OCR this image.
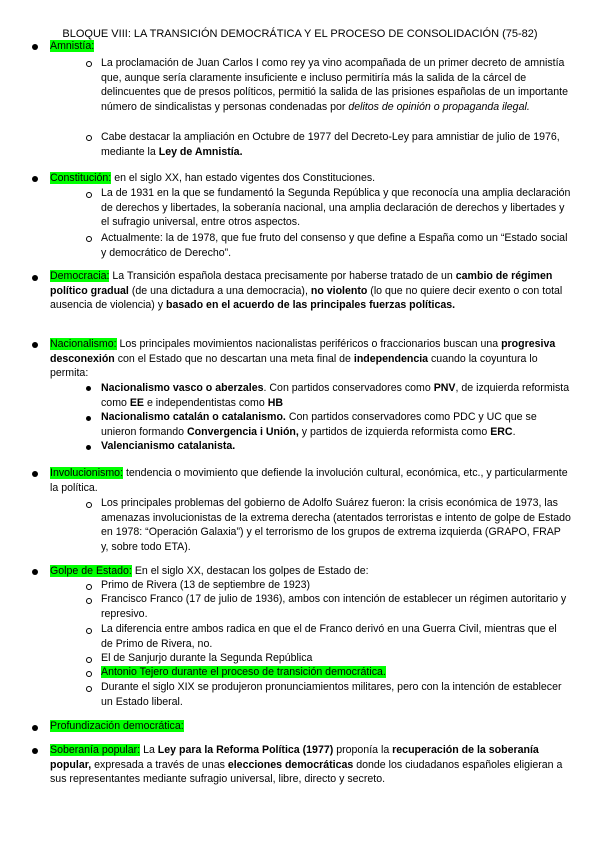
BLOQUE VIII: LA TRANSICIÓN DEMOCRÁTICA Y EL PROCESO DE CONSOLIDACIÓN (75-82)
Amnistía:
La proclamación de Juan Carlos I como rey ya vino acompañada de un primer decreto de amnistía que, aunque sería claramente insuficiente e incluso permitiría más la salida de la cárcel de delincuentes que de presos políticos, permitió la salida de las prisiones españolas de un importante número de sindicalistas y personas condenadas por delitos de opinión o propaganda ilegal.
Cabe destacar la ampliación en Octubre de 1977 del Decreto-Ley para amnistiar de julio de 1976, mediante la Ley de Amnistía.
Constitución: en el siglo XX, han estado vigentes dos Constituciones.
La de 1931 en la que se fundamentó la Segunda República y que reconocía una amplia declaración de derechos y libertades, la soberanía nacional, una amplia declaración de derechos y libertades y el sufragio universal, entre otros aspectos.
Actualmente: la de 1978, que fue fruto del consenso y que define a España como un “Estado social y democrático de Derecho”.
Democracia: La Transición española destaca precisamente por haberse tratado de un cambio de régimen político gradual (de una dictadura a una democracia), no violento (lo que no quiere decir exento o con total ausencia de violencia) y basado en el acuerdo de las principales fuerzas políticas.
Nacionalismo: Los principales movimientos nacionalistas periféricos o fraccionarios buscan una progresiva desconexión con el Estado que no descartan una meta final de independencia cuando la coyuntura lo permita:
Nacionalismo vasco o aberzales. Con partidos conservadores como PNV, de izquierda reformista como EE e independentistas como HB
Nacionalismo catalán o catalanismo. Con partidos conservadores como PDC y UC que se unieron formando Convergencia i Unión, y partidos de izquierda reformista como ERC.
Valencianismo catalanista.
Involucionismo: tendencia o movimiento que defiende la involución cultural, económica, etc., y particularmente la política.
Los principales problemas del gobierno de Adolfo Suárez fueron: la crisis económica de 1973, las amenazas involucionistas de la extrema derecha (atentados terroristas e intento de golpe de Estado en 1978: “Operación Galaxia”) y el terrorismo de los grupos de extrema izquierda (GRAPO, FRAP y, sobre todo ETA).
Golpe de Estado: En el siglo XX, destacan los golpes de Estado de:
Primo de Rivera (13 de septiembre de 1923)
Francisco Franco (17 de julio de 1936), ambos con intención de establecer un régimen autoritario y represivo.
La diferencia entre ambos radica en que el de Franco derivó en una Guerra Civil, mientras que el de Primo de Rivera, no.
El de Sanjurjo durante la Segunda República
Antonio Tejero durante el proceso de transición democrática.
Durante el siglo XIX se produjeron pronunciamientos militares, pero con la intención de establecer un Estado liberal.
Profundización democrática:
Soberanía popular: La Ley para la Reforma Política (1977) proponía la recuperación de la soberanía popular, expresada a través de unas elecciones democráticas donde los ciudadanos españoles eligieran a sus representantes mediante sufragio universal, libre, directo y secreto.
